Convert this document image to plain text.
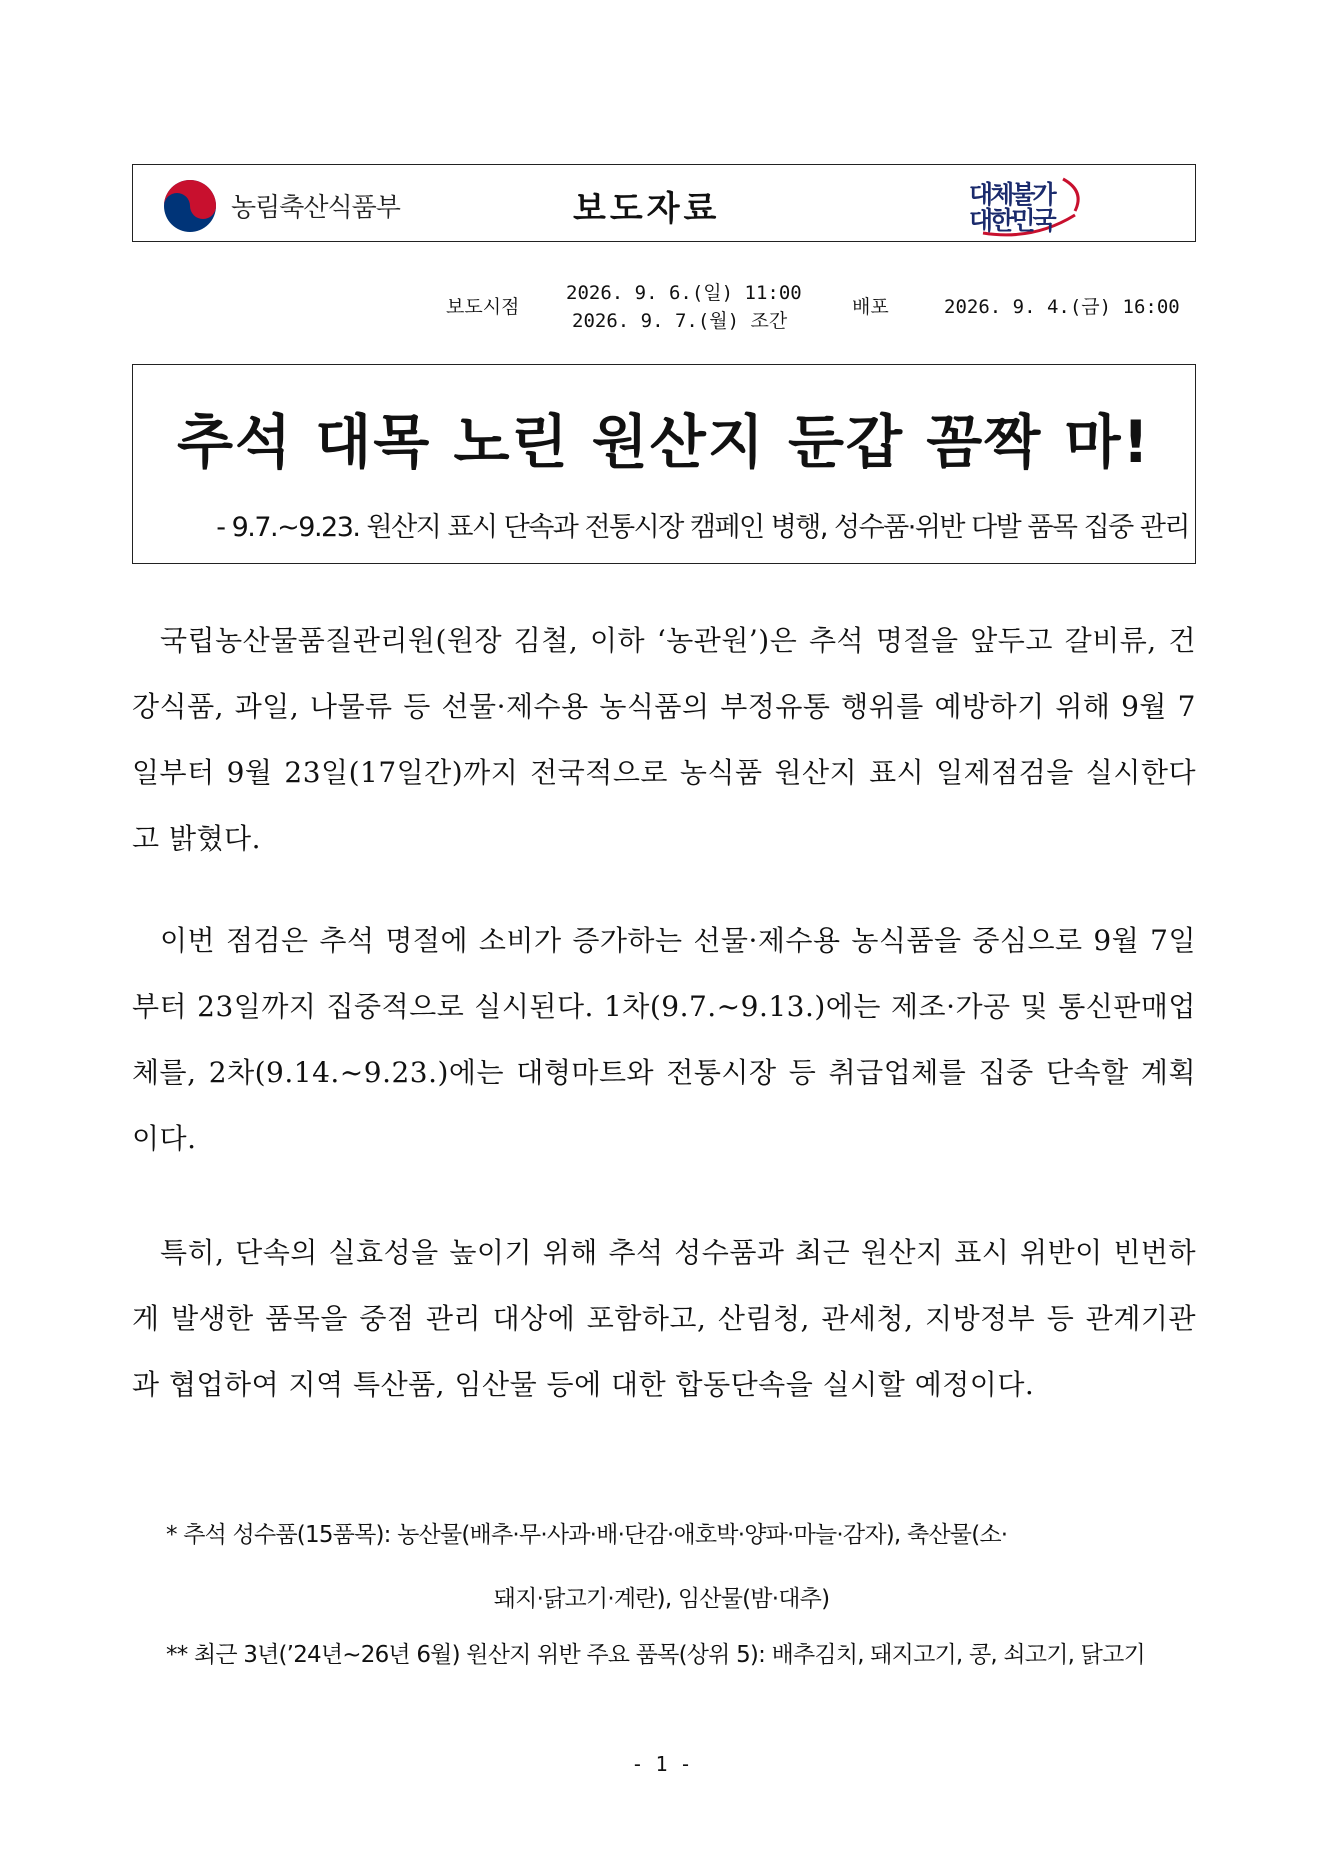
농림축산식품부	보도자료	대체불가
대한민국
보도시점
2026. 9. 6.(일) 11:00
2026. 9. 7.(월) 조간
배포	2026. 9. 4.(금) 16:00
추석 대목 노린 원산지 둔갑 꼼짝 마!
- 9.7.~9.23. 원산지 표시 단속과 전통시장 캠페인 병행, 성수품·위반 다발 품목 집중 관리
국립농산물품질관리원(원장 김철, 이하 ‘농관원’)은 추석 명절을 앞두고 갈비류, 건강식품, 과일, 나물류 등 선물·제수용 농식품의 부정유통 행위를 예방하기 위해 9월 7일부터 9월 23일(17일간)까지 전국적으로 농식품 원산지 표시 일제점검을 실시한다고 밝혔다.
이번 점검은 추석 명절에 소비가 증가하는 선물·제수용 농식품을 중심으로 9월 7일부터 23일까지 집중적으로 실시된다. 1차(9.7.~9.13.)에는 제조·가공 및 통신판매업체를, 2차(9.14.~9.23.)에는 대형마트와 전통시장 등 취급업체를 집중 단속할 계획이다.
특히, 단속의 실효성을 높이기 위해 추석 성수품과 최근 원산지 표시 위반이 빈번하게 발생한 품목을 중점 관리 대상에 포함하고, 산림청, 관세청, 지방정부 등 관계기관과 협업하여 지역 특산품, 임산물 등에 대한 합동단속을 실시할 예정이다.
* 추석 성수품(15품목): 농산물(배추·무·사과·배·단감·애호박·양파·마늘·감자), 축산물(소·
돼지·닭고기·계란), 임산물(밤·대추)
** 최근 3년(’24년~26년 6월) 원산지 위반 주요 품목(상위 5): 배추김치, 돼지고기, 콩, 쇠고기, 닭고기
- 1 -
